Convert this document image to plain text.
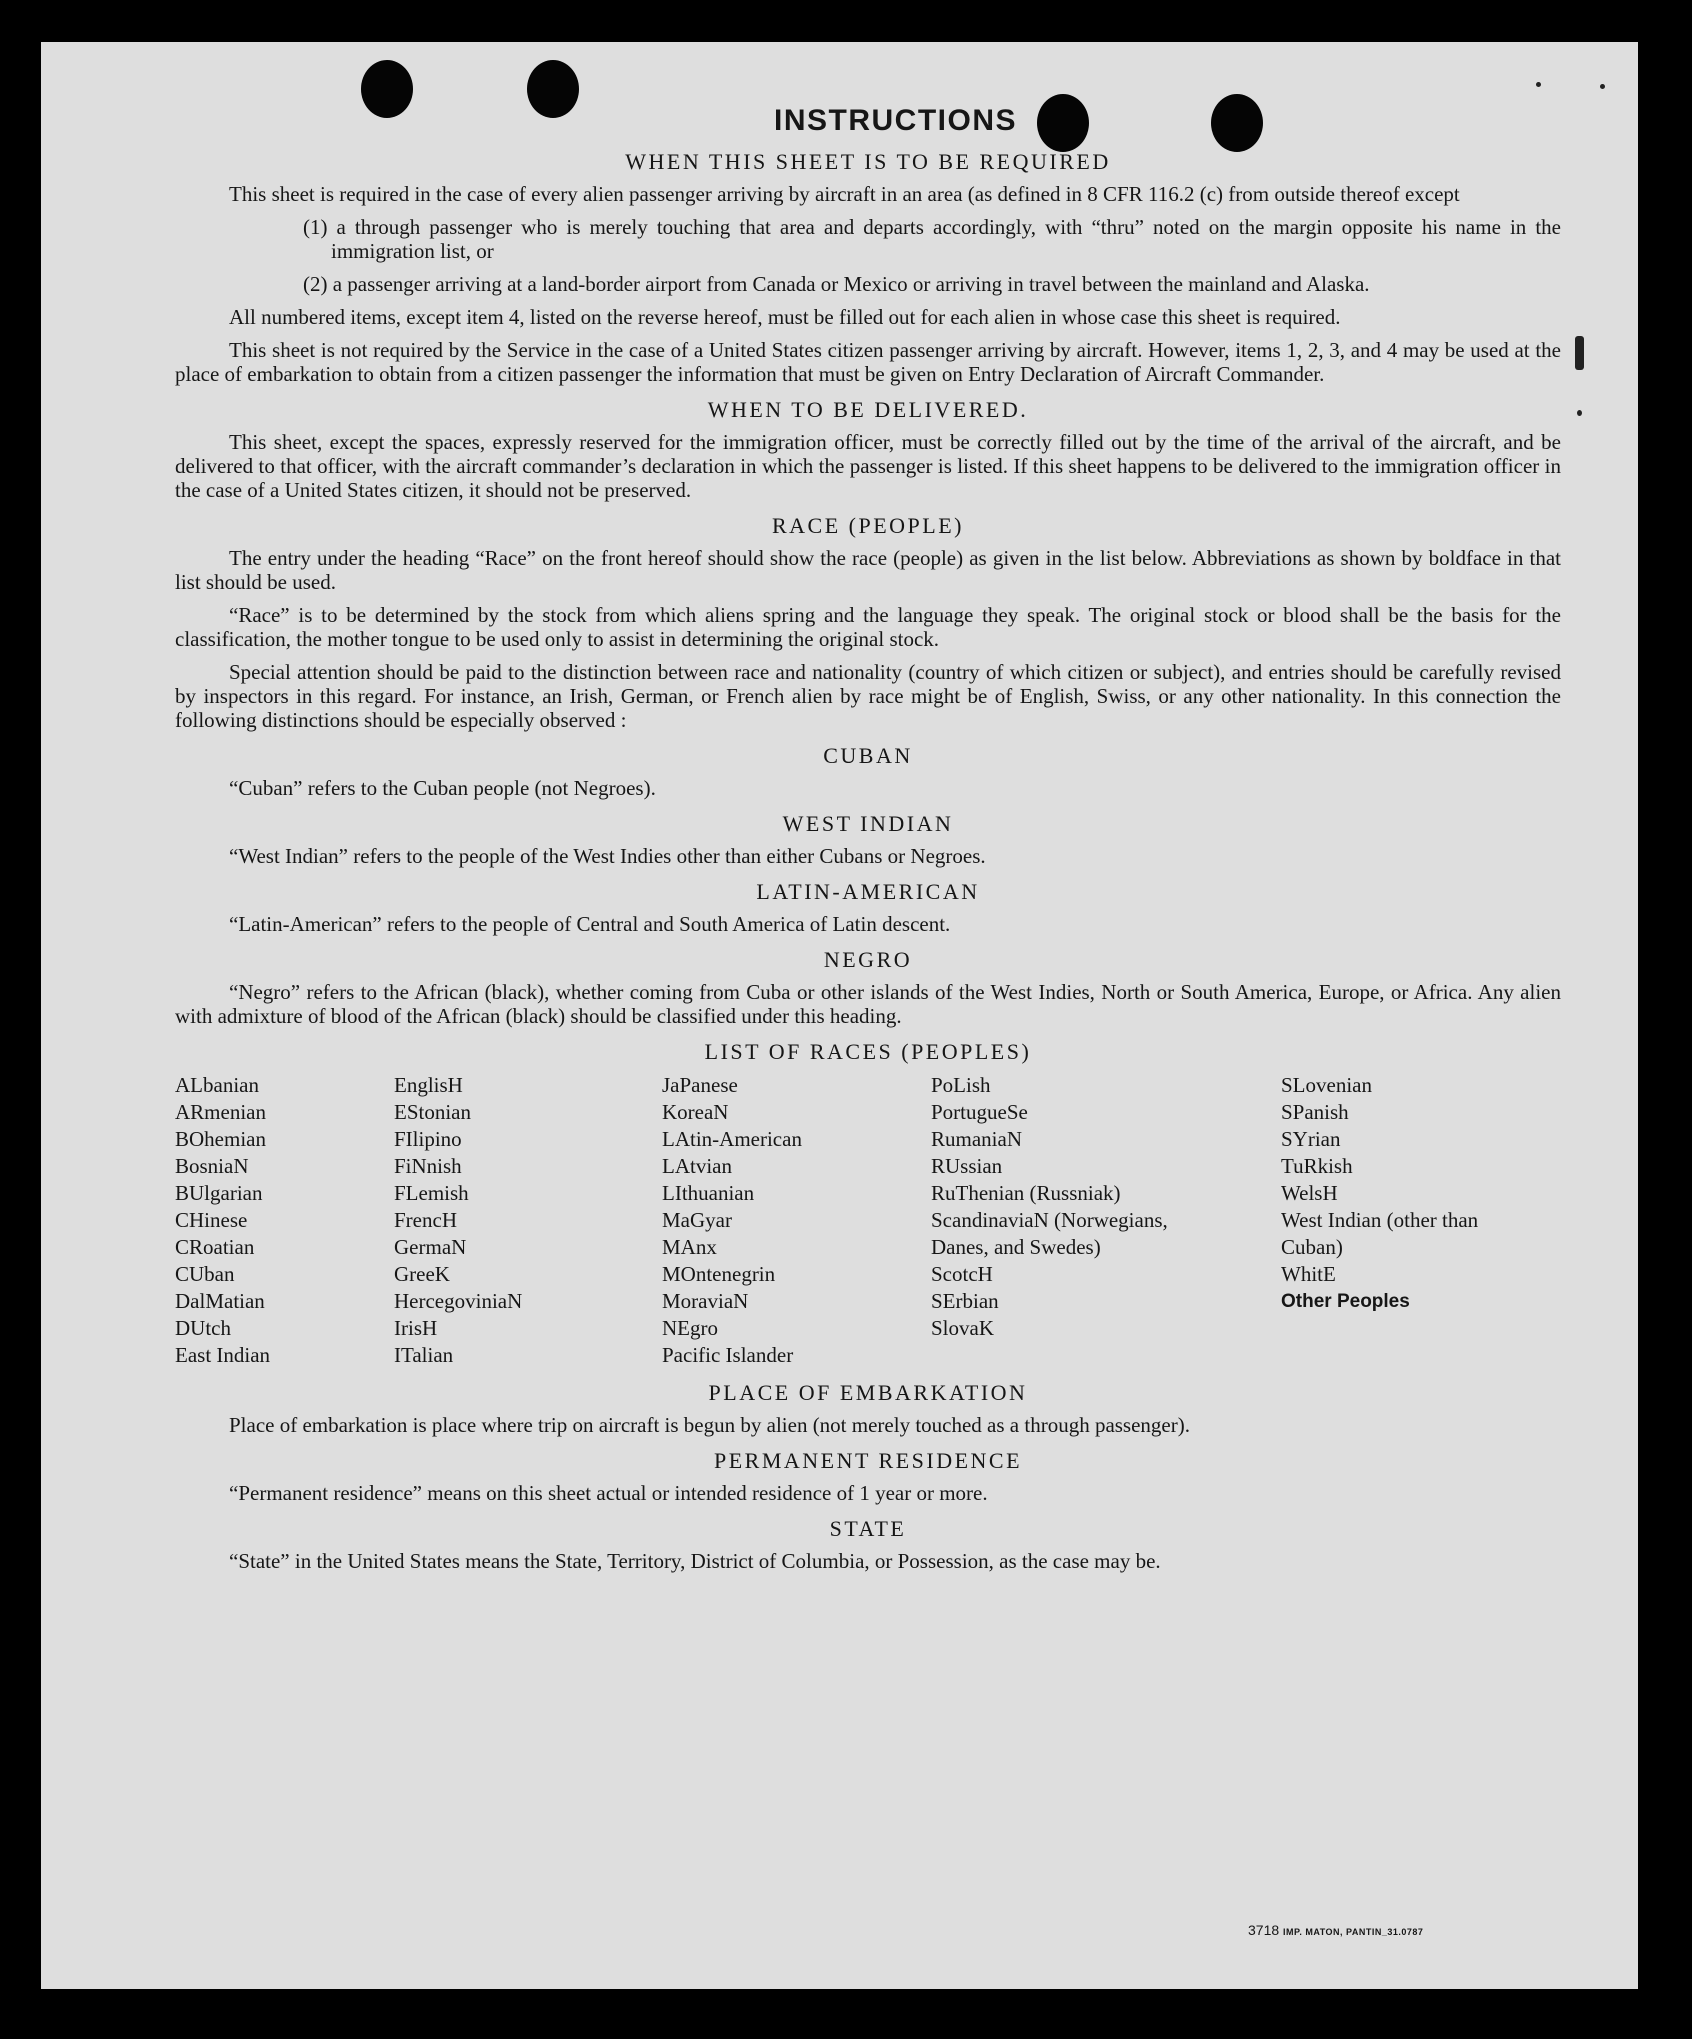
INSTRUCTIONS
WHEN THIS SHEET IS TO BE REQUIRED

This sheet is required in the case of every alien passenger arriving by aircraft in an area (as defined in 8 CFR 116.2 (c) from outside thereof except

(1) a through passenger who is merely touching that area and departs accordingly, with “thru” noted on the margin opposite his name in the immigration list, or

(2) a passenger arriving at a land-border airport from Canada or Mexico or arriving in travel between the mainland and Alaska.

All numbered items, except item 4, listed on the reverse hereof, must be filled out for each alien in whose case this sheet is required.

This sheet is not required by the Service in the case of a United States citizen passenger arriving by aircraft. However, items 1, 2, 3, and 4 may be used at the place of embarkation to obtain from a citizen passenger the information that must be given on Entry Declaration of Aircraft Commander.

WHEN TO BE DELIVERED.

This sheet, except the spaces, expressly reserved for the immigration officer, must be correctly filled out by the time of the arrival of the aircraft, and be delivered to that officer, with the aircraft commander’s declaration in which the passenger is listed. If this sheet happens to be delivered to the immigration officer in the case of a United States citizen, it should not be preserved.

RACE (PEOPLE)

The entry under the heading “Race” on the front hereof should show the race (people) as given in the list below. Abbreviations as shown by boldface in that list should be used.

“Race” is to be determined by the stock from which aliens spring and the language they speak. The original stock or blood shall be the basis for the classification, the mother tongue to be used only to assist in determining the original stock.

Special attention should be paid to the distinction between race and nationality (country of which citizen or subject), and entries should be carefully revised by inspectors in this regard. For instance, an Irish, German, or French alien by race might be of English, Swiss, or any other nationality. In this connection the following distinctions should be especially observed :

CUBAN

“Cuban” refers to the Cuban people (not Negroes).

WEST INDIAN

“West Indian” refers to the people of the West Indies other than either Cubans or Negroes.

LATIN-AMERICAN

“Latin-American” refers to the people of Central and South America of Latin descent.

NEGRO

“Negro” refers to the African (black), whether coming from Cuba or other islands of the West Indies, North or South America, Europe, or Africa. Any alien with admixture of blood of the African (black) should be classified under this heading.

LIST OF RACES (PEOPLES)
ALbanian
ARmenian
BOhemian
BosniaN
BUlgarian
CHinese
CRoatian
CUban
DalMatian
DUtch
East Indian
EnglisH
EStonian
FIlipino
FiNnish
FLemish
FrencH
GermaN
GreeK
HercegoviniaN
IrisH
ITalian
JaPanese
KoreaN
LAtin-American
LAtvian
LIthuanian
MaGyar
MAnx
MOntenegrin
MoraviaN
NEgro
Pacific Islander
PoLish
PortugueSe
RumaniaN
RUssian
RuThenian (Russniak)
ScandinaviaN (Norwegians, Danes, and Swedes)
ScotcH
SErbian
SlovaK
SLovenian
SPanish
SYrian
TuRkish
WelsH
West Indian (other than Cuban)
WhitE
Other Peoples
PLACE OF EMBARKATION

Place of embarkation is place where trip on aircraft is begun by alien (not merely touched as a through passenger).

PERMANENT RESIDENCE

“Permanent residence” means on this sheet actual or intended residence of 1 year or more.

STATE

“State” in the United States means the State, Territory, District of Columbia, or Possession, as the case may be.

3718 IMP. MATON, PANTIN_31.0787
